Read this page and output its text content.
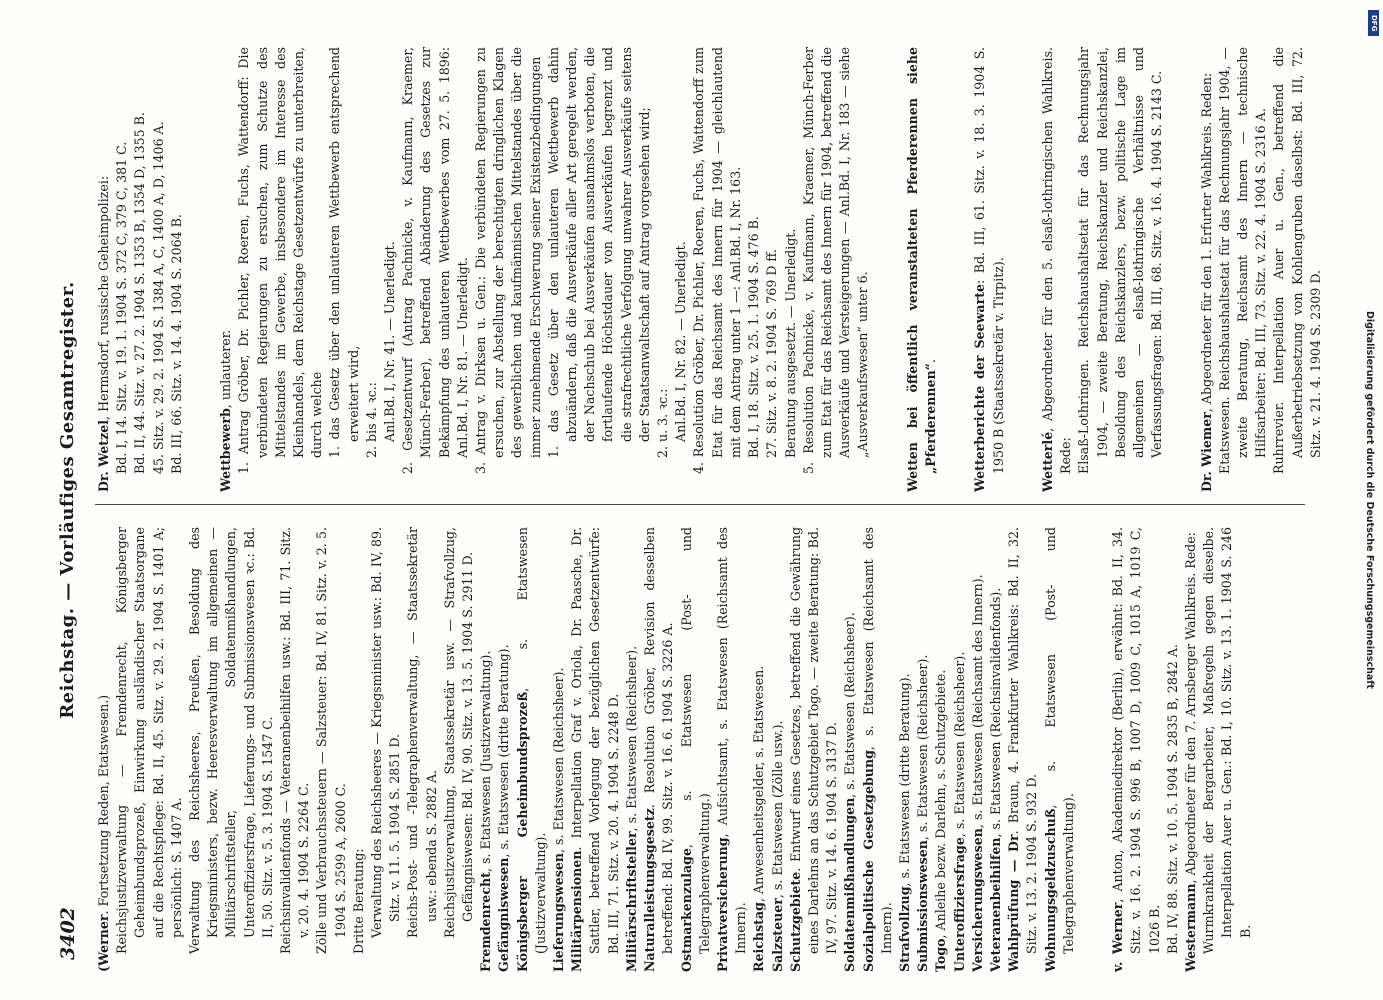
3402
Reichstag. — Vorläufiges Gesamtregister.

(Werner. Fortsetzung Reden, Etatswesen.) Reichsjustizverwaltung — Fremdenrecht, Königsberger Geheimbundsprozeß, Einwirkung ausländischer Staatsorgane auf die Rechtspflege: Bd. II, 45. Sitz. v. 29. 2. 1904 S. 1401 A; persönlich: S. 1407 A. Verwaltung des Reichsheeres, Preußen, Besoldung des Kriegsministers, bezw. Heeresverwaltung im allgemeinen — Militärschriftsteller, Soldatenmißhandlungen, Unteroffiziersfrage, Lieferungs- und Submissionswesen ꝛc.: Bd. II, 50. Sitz. v. 5. 3. 1904 S. 1547 C. Reichsinvalidenfonds — Veteranenbeihilfen usw.: Bd. III, 71. Sitz. v. 20. 4. 1904 S. 2264 C. Zölle und Verbrauchssteuern — Salzsteuer: Bd. IV, 81. Sitz. v. 2. 5. 1904 S. 2599 A, 2600 C. Dritte Beratung: Verwaltung des Reichsheeres — Kriegsminister usw.: Bd. IV, 89. Sitz. v. 11. 5. 1904 S. 2851 D. Reichs-Post- und -Telegraphenverwaltung, — Staatssekretär usw.: ebenda S. 2882 A. Reichsjustizverwaltung, Staatssekretär usw. — Strafvollzug, Gefängniswesen: Bd. IV, 90. Sitz. v. 13. 5. 1904 S. 2911 D.

Fremdenrecht, s. Etatswesen (Justizverwaltung).

Gefängniswesen, s. Etatswesen (dritte Beratung). Königsberger Geheimbundsprozeß, s. Etatswesen (Justizverwaltung). Lieferungswesen, s. Etatswesen (Reichsheer).

Militärpensionen. Interpellation Graf v. Oriola, Dr. Paasche, Dr. Sattler, betreffend Vorlegung der bezüglichen Gesetzentwürfe: Bd. III, 71. Sitz. v. 20. 4. 1904 S. 2248 D. Militärschriftsteller, s. Etatswesen (Reichsheer).

Naturalleistungsgesetz. Resolution Gröber, Revision desselben betreffend: Bd. IV, 99. Sitz. v. 16. 6. 1904 S. 3226 A. Ostmarkenzulage, s. Etatswesen (Post- und Telegraphenverwaltung.) Privatversicherung, Aufsichtsamt, s. Etatswesen (Reichsamt des Innern). Reichstag, Anwesenheitsgelder, s. Etatswesen.

Salzsteuer, s. Etatswesen (Zölle usw.).

Schutzgebiete. Entwurf eines Gesetzes, betreffend die Gewährung eines Darlehns an das Schutzgebiet Togo. — zweite Beratung: Bd. IV, 97. Sitz. v. 14. 6. 1904 S. 3137 D. Soldatenmißhandlungen, s. Etatswesen (Reichsheer).

Sozialpolitische Gesetzgebung, s. Etatswesen (Reichsamt des Innern). Strafvollzug, s. Etatswesen (dritte Beratung).

Submissionswesen, s. Etatswesen (Reichsheer).

Togo, Anleihe bezw. Darlehn, s. Schutzgebiete. Unteroffiziersfrage, s. Etatswesen (Reichsheer).

Versicherungswesen, s. Etatswesen (Reichsamt des Innern).

Veteranenbeihilfen, s. Etatswesen (Reichsinvalidenfonds).

Wahlprüfung — Dr. Braun, 4. Frankfurter Wahlkreis: Bd. II, 32. Sitz. v. 13. 2. 1904 S. 932 D. Wohnungsgeldzuschuß, s. Etatswesen (Post- und Telegraphenverwaltung).	v. Werner, Anton, Akademiedirektor (Berlin), erwähnt: Bd. II, 34. Sitz. v. 16. 2. 1904 S. 996 B, 1007 D, 1009 C, 1015 A, 1019 C, 1026 B. Bd. IV, 88. Sitz. v. 10. 5. 1904 S. 2835 B, 2842 A. Westermann, Abgeordneter für den 7. Arnsberger Wahlkreis. Rede: Wurmkrankheit der Bergarbeiter, Maßregeln gegen dieselbe. Interpellation Auer u. Gen.: Bd. I, 10. Sitz. v. 13. 1. 1904 S. 246 B.

Dr. Wetzel, Hermsdorf, russische Geheimpolizei: Bd. I, 14. Sitz. v. 19. 1. 1904 S. 372 C, 379 C, 381 C. Bd. II, 44. Sitz. v. 27. 2. 1904 S. 1353 B, 1354 D, 1355 B. 45. Sitz. v. 29. 2. 1904 S. 1384 A, C, 1400 A, D, 1406 A. Bd. III, 66. Sitz. v. 14. 4. 1904 S. 2064 B.	Wettbewerb, unlauterer. 1. Antrag Gröber, Dr. Pichler, Roeren, Fuchs, Wattendorff: Die verbündeten Regierungen zu ersuchen, zum Schutze des Mittelstandes im Gewerbe, insbesondere im Interesse des Kleinhandels, dem Reichstage Gesetzentwürfe zu unterbreiten, durch welche 1. das Gesetz über den unlauteren Wettbewerb entsprechend erweitert wird, 2. bis 4. ꝛc.: Anl.Bd. I, Nr. 41. — Unerledigt. 2. Gesetzentwurf (Antrag Pachnicke, v. Kaufmann, Kraemer, Münch-Ferber), betreffend Abänderung des Gesetzes zur Bekämpfung des unlauteren Wettbewerbes vom 27. 5. 1896: Anl.Bd. I, Nr. 81. — Unerledigt. 3. Antrag v. Dirksen u. Gen.: Die verbündeten Regierungen zu ersuchen, zur Abstellung der berechtigten dringlichen Klagen des gewerblichen und kaufmännischen Mittelstandes über die immer zunehmende Erschwerung seiner Existenzbedingungen 1. das Gesetz über den unlauteren Wettbewerb dahin abzuändern, daß die Ausverkäufe aller Art geregelt werden, der Nachschub bei Ausverkäufen ausnahmslos verboten, die fortlaufende Höchstdauer von Ausverkäufen begrenzt und die strafrechtliche Verfolgung unwahrer Ausverkäufe seitens der Staatsanwaltschaft auf Antrag vorgesehen wird; 2. u. 3. ꝛc.: Anl.Bd. I, Nr. 82. — Unerledigt. 4. Resolution Gröber, Dr. Pichler, Roeren, Fuchs, Wattendorff zum Etat für das Reichsamt des Innern für 1904 — gleichlautend mit dem Antrag unter 1 —: Anl.Bd. I, Nr. 163. Bd. I, 18. Sitz. v. 25. 1. 1904 S. 476 B. 27. Sitz. v. 8. 2. 1904 S. 769 D ff. Beratung ausgesetzt. — Unerledigt. 5. Resolution Pachnicke, v. Kaufmann, Kraemer, Münch-Ferber zum Etat für das Reichsamt des Innern für 1904, betreffend die Ausverkäufe und Versteigerungen — Anl.Bd. I, Nr. 183 — siehe „Ausverkaufswesen“ unter 6.	Wetten bei öffentlich veranstalteten Pferderennen siehe „Pferderennen“.	Wetterberichte der Seewarte: Bd. III, 61. Sitz. v. 18. 3. 1904 S. 1950 B (Staatssekretär v. Tirpitz).	Wetterlé, Abgeordneter für den 5. elsaß-lothringischen Wahlkreis. Rede: Elsaß-Lothringen. Reichshaushaltsetat für das Rechnungsjahr 1904, — zweite Beratung, Reichskanzler und Reichskanzlei, Besoldung des Reichskanzlers, bezw. politische Lage im allgemeinen — elsaß-lothringische Verhältnisse und Verfassungsfragen: Bd. III, 68. Sitz. v. 16. 4. 1904 S. 2143 C.	Dr. Wiemer, Abgeordneter für den 1. Erfurter Wahlkreis. Reden: Etatswesen. Reichshaushaltsetat für das Rechnungsjahr 1904, — zweite Beratung, Reichsamt des Innern — technische Hilfsarbeiter: Bd. III, 73. Sitz. v. 22. 4. 1904 S. 2316 A. Ruhrrevier. Interpellation Auer u. Gen., betreffend die Außerbetriebsetzung von Kohlengruben daselbst: Bd. III, 72. Sitz. v. 21. 4. 1904 S. 2309 D.

DFG
Digitalisierung gefördert durch die Deutsche Forschungsgemeinschaft
